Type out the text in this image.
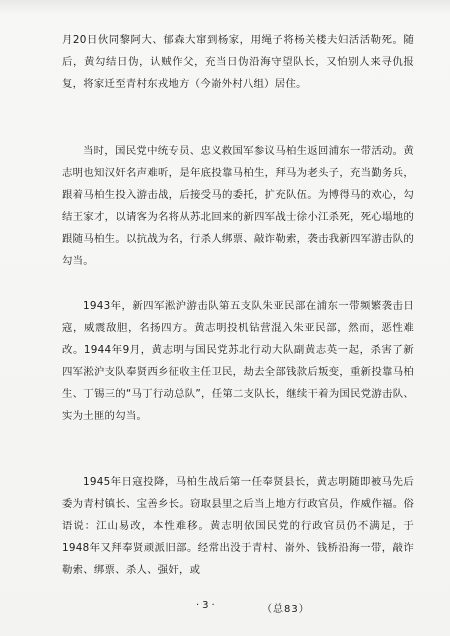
月20日伙同黎阿大、郁森大窜到杨家，用绳子将杨关楼夫妇活活勒死。随后，黄勾结日伪，认贼作父，充当日伪沿海守望队长，又怕别人来寻仇报复，将家迁至青村东戎地方（今嵛外村八组）居住。

当时，国民党中统专员、忠义救国军参议马柏生返回浦东一带活动。黄志明也知汉奸名声难听，是年底投靠马柏生，拜马为老头子，充当勤务兵，跟着马柏生投入游击战，后接受马的委托，扩充队伍。为博得马的欢心，勾结王家才，以请客为名将从苏北回来的新四军战士徐小江杀死，死心塌地的跟随马柏生。以抗战为名，行杀人绑票、敲诈勒索，袭击我新四军游击队的勾当。

1943年，新四军淞沪游击队第五支队朱亚民部在浦东一带频繁袭击日寇，威震敌胆，名扬四方。黄志明投机钻营混入朱亚民部，然而，恶性难改。1944年9月，黄志明与国民党苏北行动大队副黄志英一起，杀害了新四军淞沪支队奉贤西乡征收主任卫民，劫去全部钱款后叛变，重新投靠马柏生、丁锡三的“马丁行动总队”，任第二支队长，继续干着为国民党游击队、实为土匪的勾当。

1945年日寇投降，马柏生战后第一任奉贤县长，黄志明随即被马先后委为青村镇长、宝善乡长。窃取县里之后当上地方行政官员，作威作福。俗语说：江山易改，本性难移。黄志明依国民党的行政官员仍不满足，于1948年又拜奉贤顽派旧部。经常出没于青村、嵛外、钱桥沿海一带，敲诈勒索、绑票、杀人、强奸，或

·3·	（总83）
